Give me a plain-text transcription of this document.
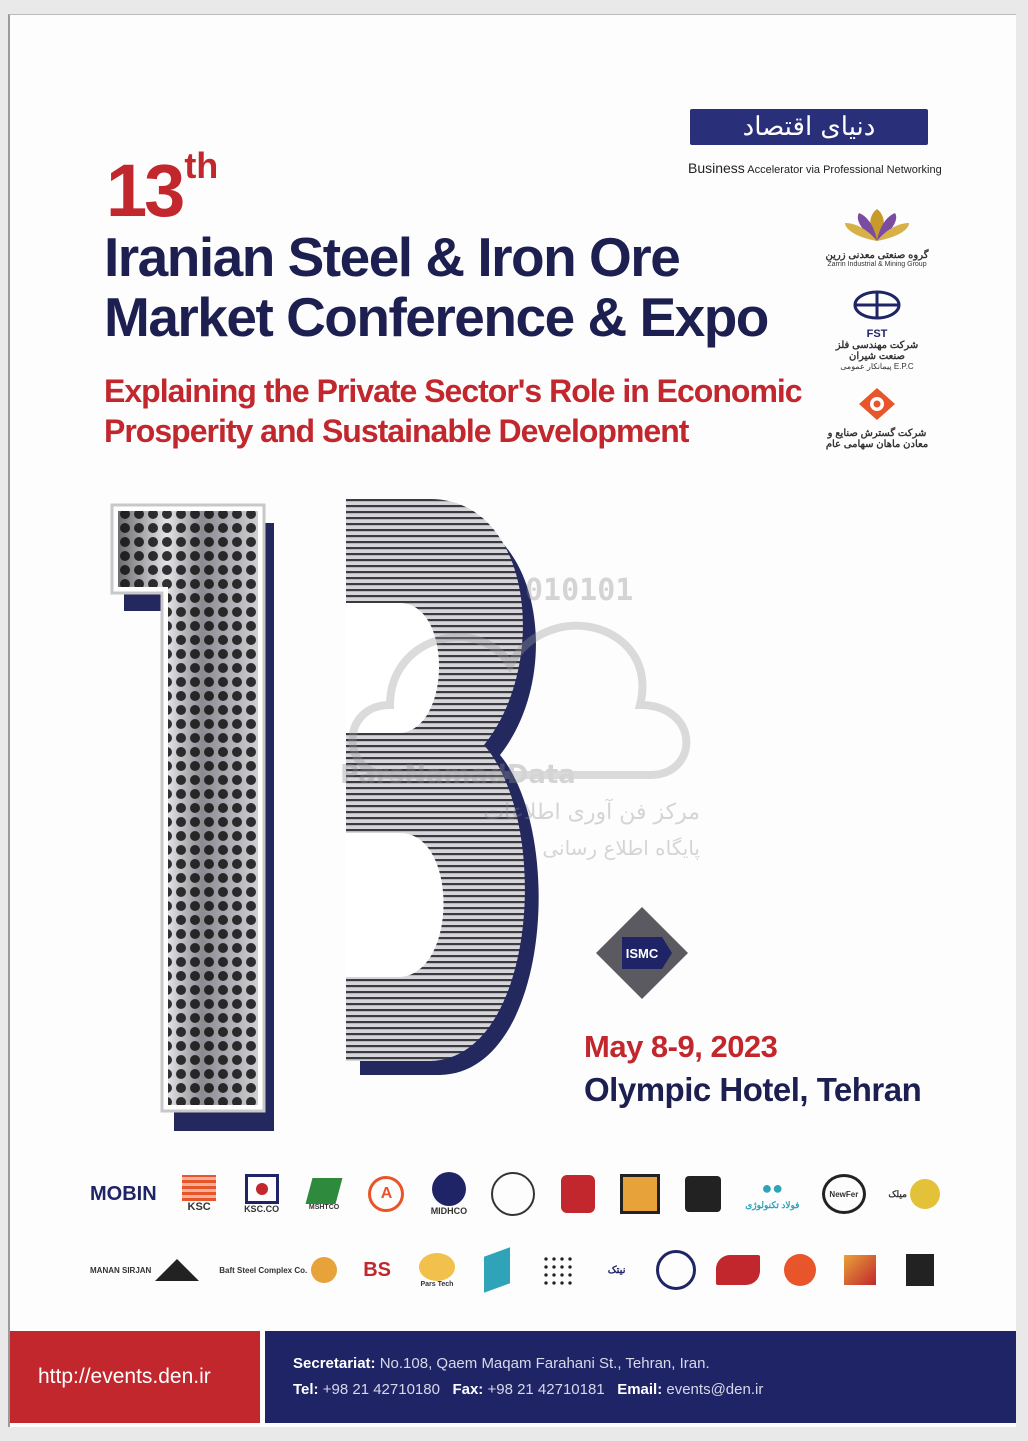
دنیای اقتصاد
Business Accelerator via Professional Networking
13th
Iranian Steel & Iron Ore
Market Conference & Expo
Explaining the Private Sector's Role in Economic
Prosperity and Sustainable Development
گروه صنعتی معدنی زرین
Zarrin Industrial & Mining Group
FST
شرکت مهندسی فلز صنعت شیران
پیمانکار عمومی E.P.C
شرکت گسترش صنایع و
معادن ماهان سهامی عام
010101
ParsNamadData
مرکز فن آوری اطلاعات
پایگاه اطلاع رسانی
ISMC
May 8-9, 2023
Olympic Hotel, Tehran
MOBIN
KSC	KSC.CO	MSHTCO
A
MIDHCO
●●
فولاد تکنولوژی
NewFer	میلک
MANAN SIRJAN	Baft Steel Complex Co.	BS
Pars Tech
نیتک
http://events.den.ir
Secretariat: No.108, Qaem Maqam Farahani St., Tehran, Iran.
Tel: +98 21 42710180 Fax: +98 21 42710181 Email: events@den.ir
